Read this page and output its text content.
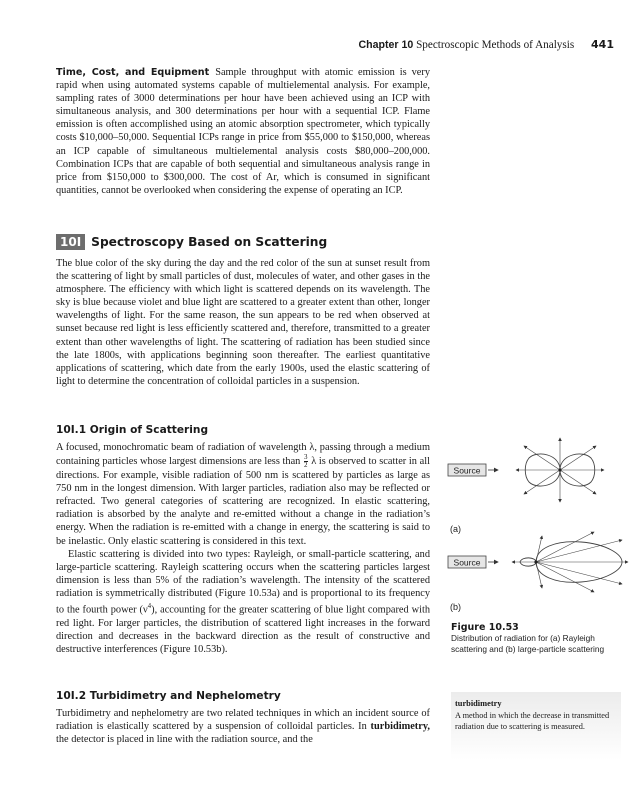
Chapter 10 Spectroscopic Methods of Analysis 441

Time, Cost, and Equipment Sample throughput with atomic emission is very rapid when using automated systems capable of multielemental analysis. For example, sampling rates of 3000 determinations per hour have been achieved using an ICP with simultaneous analysis, and 300 determinations per hour with a sequential ICP. Flame emission is often accomplished using an atomic absorption spectrometer, which typically costs $10,000–50,000. Sequential ICPs range in price from $55,000 to $150,000, whereas an ICP capable of simultaneous multielemental analysis costs $80,000–200,000. Combination ICPs that are capable of both sequential and simultaneous analysis range in price from $150,000 to $300,000. The cost of Ar, which is consumed in significant quantities, cannot be overlooked when considering the expense of operating an ICP.

10I Spectroscopy Based on Scattering

The blue color of the sky during the day and the red color of the sun at sunset result from the scattering of light by small particles of dust, molecules of water, and other gases in the atmosphere. The efficiency with which light is scattered depends on its wavelength. The sky is blue because violet and blue light are scattered to a greater extent than other, longer wavelengths of light. For the same reason, the sun appears to be red when observed at sunset because red light is less efficiently scattered and, therefore, transmitted to a greater extent than other wavelengths of light. The scattering of radiation has been studied since the late 1800s, with applications beginning soon thereafter. The earliest quantitative applications of scattering, which date from the early 1900s, used the elastic scattering of light to determine the concentration of colloidal particles in a suspension.

10I.1 Origin of Scattering

A focused, monochromatic beam of radiation of wavelength λ, passing through a medium containing particles whose largest dimensions are less than $\frac{3}{2}$ λ is observed to scatter in all directions. For example, visible radiation of 500 nm is scattered by particles as large as 750 nm in the longest dimension. With larger particles, radiation also may be reflected or refracted. Two general categories of scattering are recognized. In elastic scattering, radiation is absorbed by the analyte and re-emitted without a change in the radiation’s energy. When the radiation is re-emitted with a change in energy, the scattering is said to be inelastic. Only elastic scattering is considered in this text.

Elastic scattering is divided into two types: Rayleigh, or small-particle scattering, and large-particle scattering. Rayleigh scattering occurs when the scattering particles largest dimension is less than 5% of the radiation’s wavelength. The intensity of the scattered radiation is symmetrically distributed (Figure 10.53a) and is proportional to its frequency to the fourth power $(\nu^4)$, accounting for the greater scattering of blue light compared with red light. For larger particles, the distribution of scattered light increases in the forward direction and decreases in the backward direction as the result of constructive and destructive interferences (Figure 10.53b).

10I.2 Turbidimetry and Nephelometry

Turbidimetry and nephelometry are two related techniques in which an incident source of radiation is elastically scattered by a suspension of colloidal particles. In turbidimetry, the detector is placed in line with the radiation source, and the

Source
(a)
Source
(b)
Figure 10.53
Distribution of radiation for (a) Rayleigh scattering and (b) large-particle scattering
turbidimetry
A method in which the decrease in transmitted radiation due to scattering is measured.
